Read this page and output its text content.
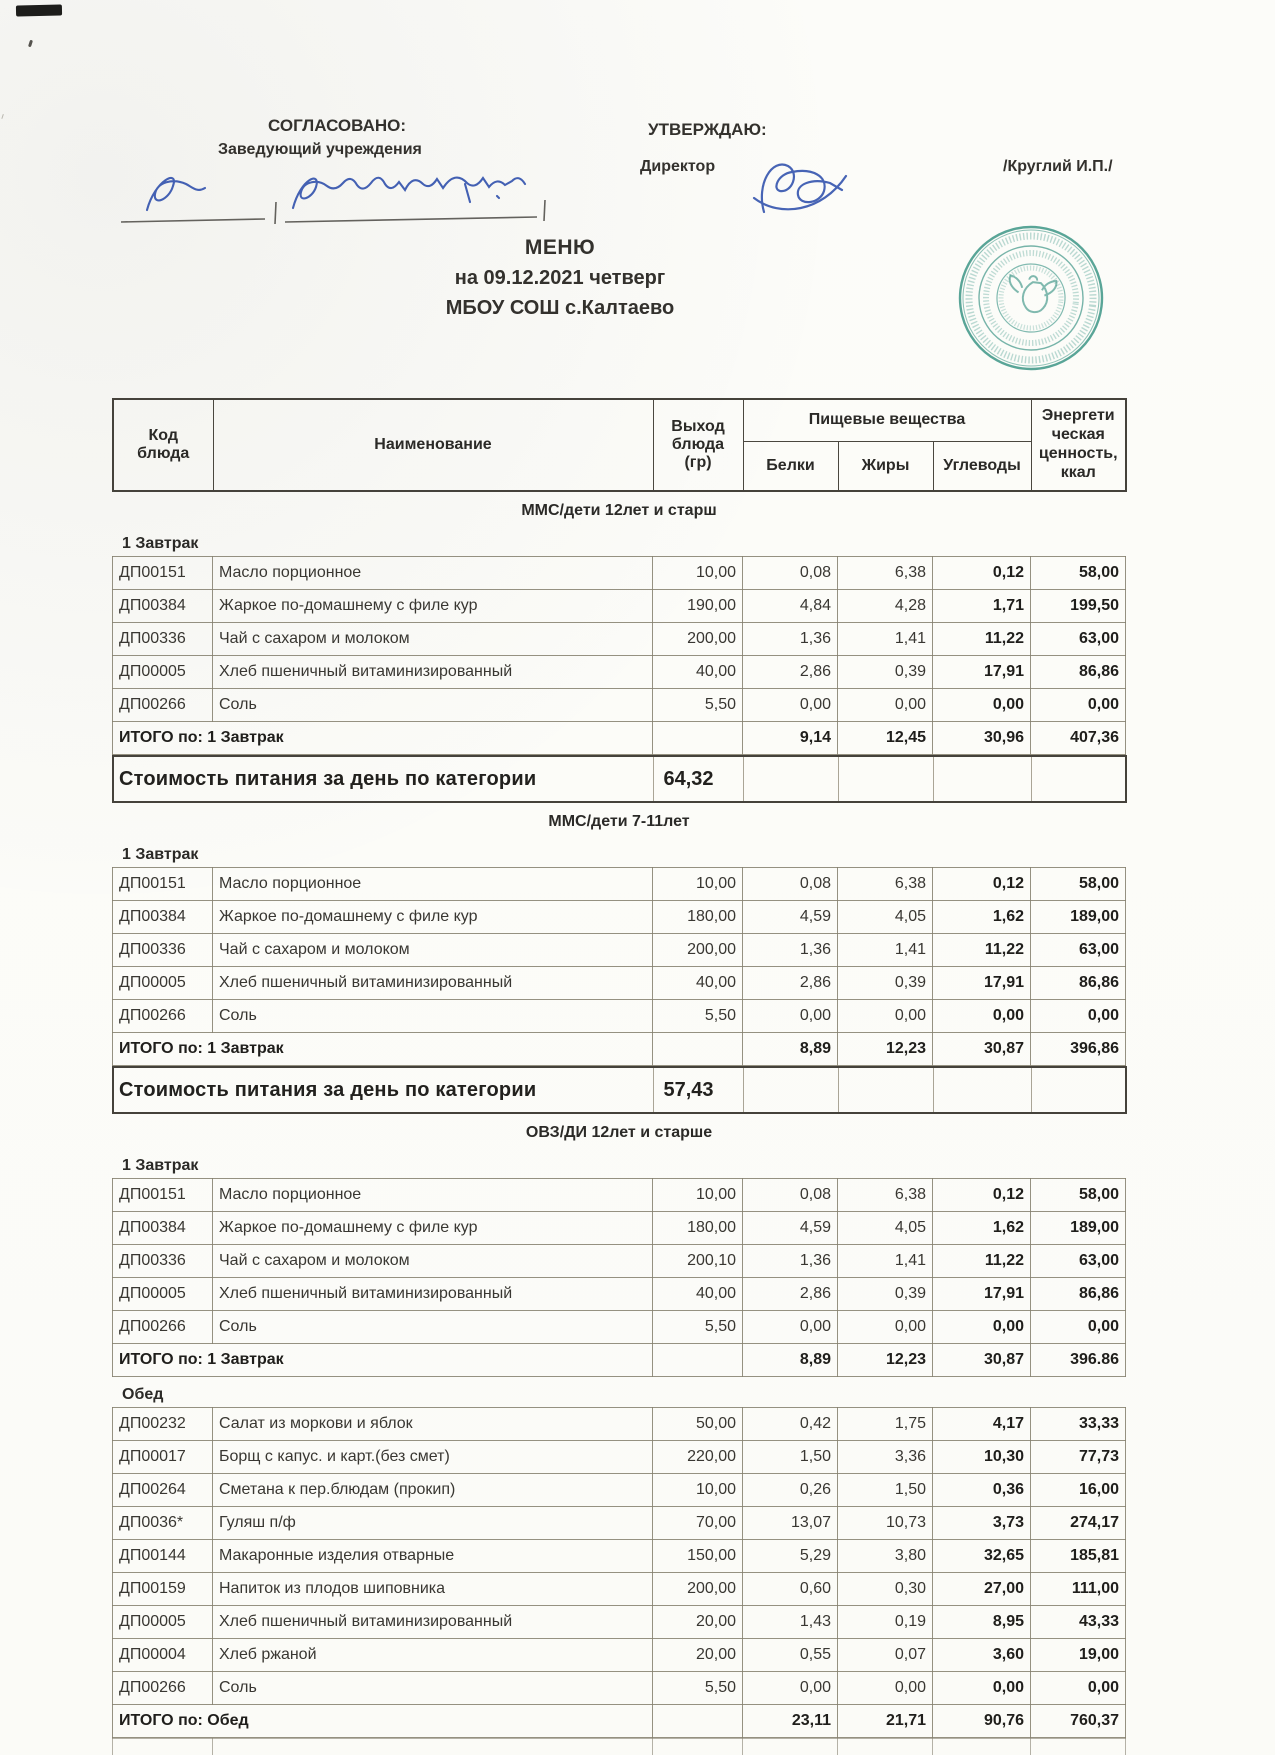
СОГЛАСОВАНО:
Заведующий учреждения
УТВЕРЖДАЮ:
Директор	/Круглий И.П./
МЕНЮ
на 09.12.2021 четверг
МБОУ СОШ с.Калтаево
Код блюда	Наименование	Выход блюда (гр)	Пищевые вещества			Энергети ческая ценность, ккал
			Белки	Жиры	Углеводы	
ММС/дети 12лет и старш
1 Завтрак
ДП00151	Масло порционное	10,00	0,08	6,38	0,12	58,00
ДП00384	Жаркое по-домашнему с филе кур	190,00	4,84	4,28	1,71	199,50
ДП00336	Чай с сахаром и молоком	200,00	1,36	1,41	11,22	63,00
ДП00005	Хлеб пшеничный витаминизированный	40,00	2,86	0,39	17,91	86,86
ДП00266	Соль	5,50	0,00	0,00	0,00	0,00
ИТОГО по: 1 Завтрак			9,14	12,45	30,96	407,36
Стоимость питания за день по категории	64,32				
ММС/дети 7-11лет
1 Завтрак
ДП00151	Масло порционное	10,00	0,08	6,38	0,12	58,00
ДП00384	Жаркое по-домашнему с филе кур	180,00	4,59	4,05	1,62	189,00
ДП00336	Чай с сахаром и молоком	200,00	1,36	1,41	11,22	63,00
ДП00005	Хлеб пшеничный витаминизированный	40,00	2,86	0,39	17,91	86,86
ДП00266	Соль	5,50	0,00	0,00	0,00	0,00
ИТОГО по: 1 Завтрак			8,89	12,23	30,87	396,86
Стоимость питания за день по категории	57,43				
ОВЗ/ДИ 12лет и старше
1 Завтрак
ДП00151	Масло порционное	10,00	0,08	6,38	0,12	58,00
ДП00384	Жаркое по-домашнему с филе кур	180,00	4,59	4,05	1,62	189,00
ДП00336	Чай с сахаром и молоком	200,10	1,36	1,41	11,22	63,00
ДП00005	Хлеб пшеничный витаминизированный	40,00	2,86	0,39	17,91	86,86
ДП00266	Соль	5,50	0,00	0,00	0,00	0,00
ИТОГО по: 1 Завтрак			8,89	12,23	30,87	396.86
Обед
ДП00232	Салат из моркови и яблок	50,00	0,42	1,75	4,17	33,33
ДП00017	Борщ с капус. и карт.(без смет)	220,00	1,50	3,36	10,30	77,73
ДП00264	Сметана к пер.блюдам (прокип)	10,00	0,26	1,50	0,36	16,00
ДП0036*	Гуляш п/ф	70,00	13,07	10,73	3,73	274,17
ДП00144	Макаронные изделия отварные	150,00	5,29	3,80	32,65	185,81
ДП00159	Напиток из плодов шиповника	200,00	0,60	0,30	27,00	111,00
ДП00005	Хлеб пшеничный витаминизированный	20,00	1,43	0,19	8,95	43,33
ДП00004	Хлеб ржаной	20,00	0,55	0,07	3,60	19,00
ДП00266	Соль	5,50	0,00	0,00	0,00	0,00
ИТОГО по: Обед			23,11	21,71	90,76	760,37
